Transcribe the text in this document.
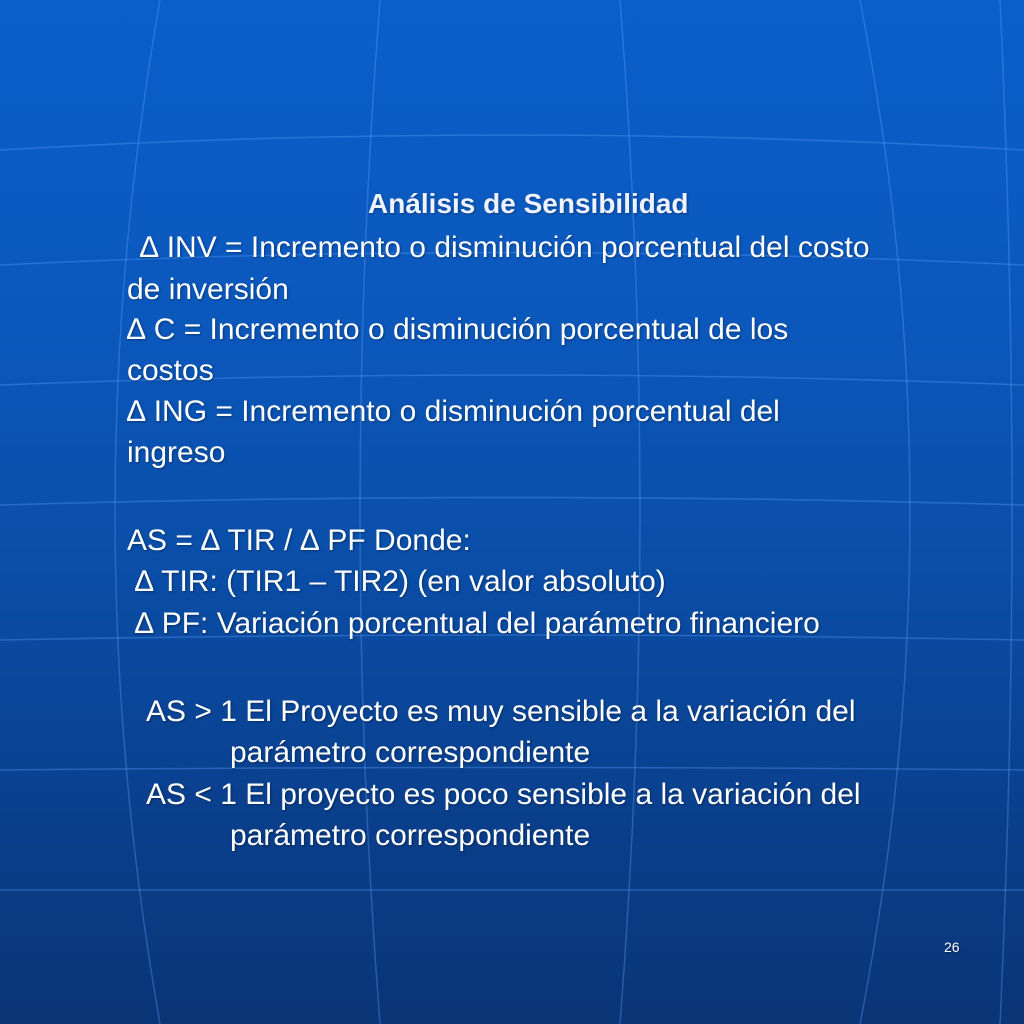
Análisis de Sensibilidad
∆ INV = Incremento o disminución porcentual del costo
de inversión
∆ C = Incremento o disminución porcentual de los
costos
∆ ING = Incremento o disminución porcentual del
ingreso
AS = ∆ TIR / ∆ PF Donde:
∆ TIR: (TIR1 – TIR2) (en valor absoluto)
∆ PF: Variación porcentual del parámetro financiero
AS > 1 El Proyecto es muy sensible a la variación del
parámetro correspondiente
AS < 1 El proyecto es poco sensible a la variación del
parámetro correspondiente
26
